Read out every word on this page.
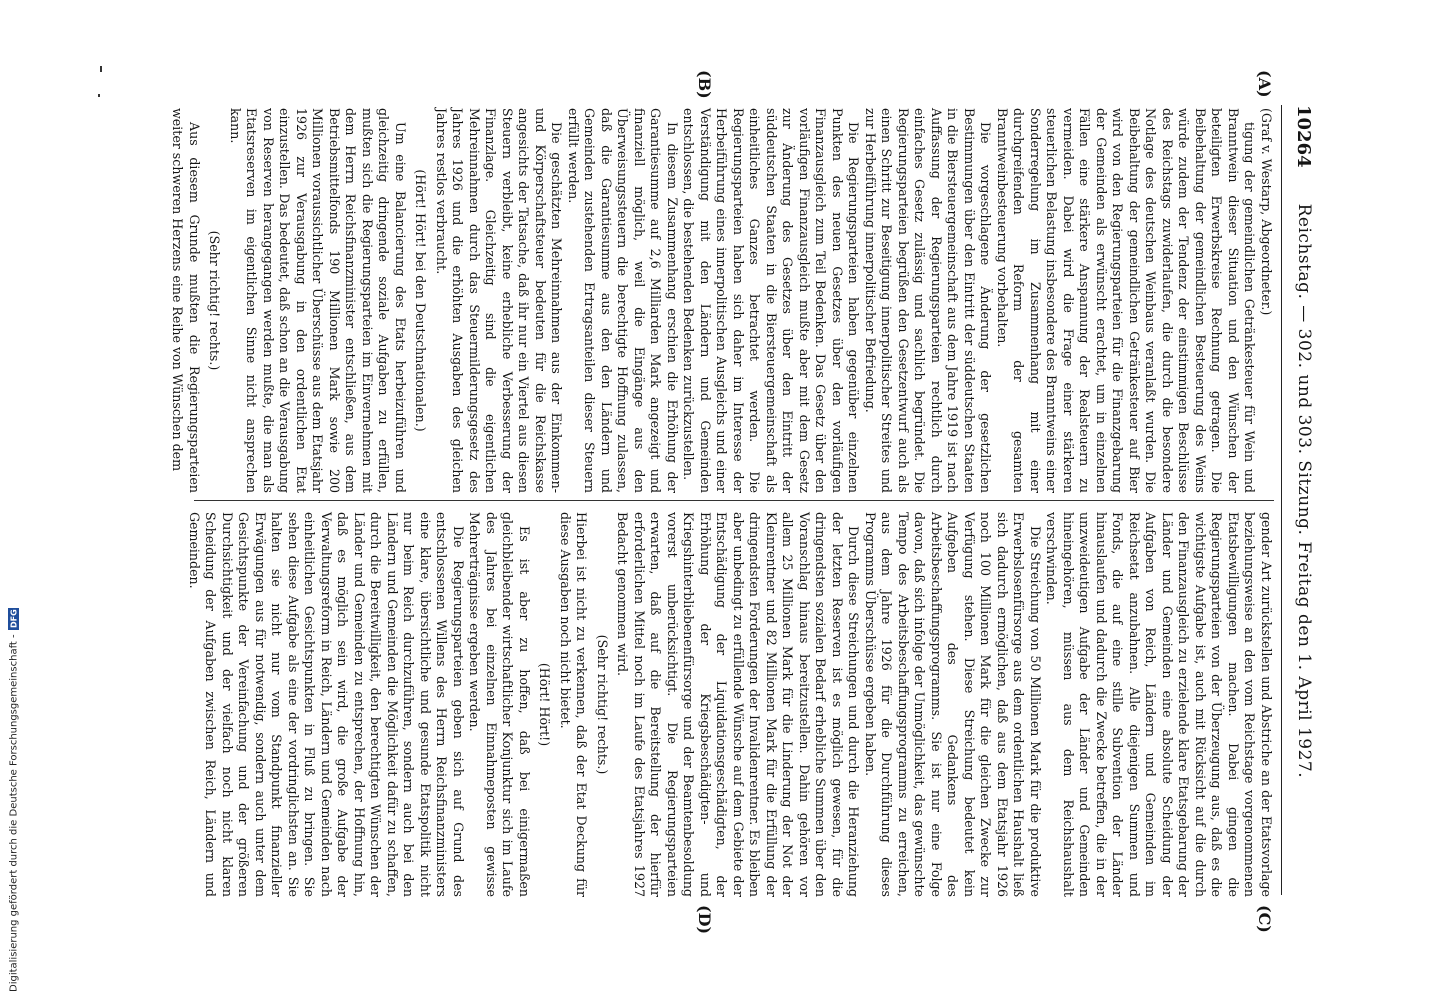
Digitalisierung gefördert durch die Deutsche Forschungsgemeinschaft -
DFG
10264
Reichstag. — 302. und 303. Sitzung. Freitag den 1. April 1927.
(A)
(B)
(C)
(D)

(Graf v. Westarp, Abgeordneter.)

tigung der gemeindlichen Getränkesteuer für Wein und Branntwein dieser Situation und den Wünschen der beteiligten Erwerbskreise Rechnung getragen. Die Beibehaltung der gemeindlichen Besteuerung des Weins würde zudem der Tendenz der einstimmigen Beschlüsse des Reichstags zuwiderlaufen, die durch die besondere Notlage des deutschen Weinbaus veranlaßt wurden. Die Beibehaltung der gemeindlichen Getränkesteuer auf Bier wird von den Regierungsparteien für die Finanzgebarung der Gemeinden als erwünscht erachtet, um in einzelnen Fällen eine stärkere Anspannung der Realsteuern zu vermeiden. Dabei wird die Frage einer stärkeren steuerlichen Belastung insbesondere des Branntweins einer Sonderregelung im Zusammenhang mit einer durchgreifenden Reform der gesamten Branntweinbesteuerung vorbehalten.

Die vorgeschlagene Änderung der gesetzlichen Bestimmungen über den Eintritt der süddeutschen Staaten in die Biersteuergemeinschaft aus dem Jahre 1919 ist nach Auffassung der Regierungsparteien rechtlich durch einfaches Gesetz zulässig und sachlich begründet. Die Regierungsparteien begrüßen den Gesetzentwurf auch als einen Schritt zur Beseitigung innerpolitischer Streites und zur Herbeiführung innerpolitischer Befriedung.

Die Regierungsparteien haben gegenüber einzelnen Punkten des neuen Gesetzes über den vorläufigen Finanzausgleich zum Teil Bedenken. Das Gesetz über den vorläufigen Finanzausgleich mußte aber mit dem Gesetz zur Änderung des Gesetzes über den Eintritt der süddeutschen Staaten in die Biersteuergemeinschaft als einheitliches Ganzes betrachtet werden. Die Regierungsparteien haben sich daher im Interesse der Herbeiführung eines innerpolitischen Ausgleichs und einer Verständigung mit den Ländern und Gemeinden entschlossen, die bestehenden Bedenken zurückzustellen.

In diesem Zusammenhang erschien die Erhöhung der Garantiesumme auf 2,6 Milliarden Mark angezeigt und finanziell möglich, weil die Eingänge aus den Überweisungssteuern die berechtigte Hoffnung zulassen, daß die Garantiesumme aus den den Ländern und Gemeinden zustehenden Ertragsanteilen dieser Steuern erfüllt werden.

Die geschätzten Mehreinnahmen aus der Einkommen- und Körperschaftsteuer bedeuten für die Reichskasse angesichts der Tatsache, daß ihr nur ein Viertel aus diesen Steuern verbleibt, keine erhebliche Verbesserung der Finanzlage. Gleichzeitig sind die eigentlichen Mehreinnahmen durch das Steuermilderungsgesetz des Jahres 1926 und die erhöhten Ausgaben des gleichen Jahres restlos verbraucht.

(Hört! Hört! bei den Deutschnationalen.)

Um eine Balancierung des Etats herbeizuführen und gleichzeitig dringende soziale Aufgaben zu erfüllen, mußten sich die Regierungsparteien im Einvernehmen mit dem Herrn Reichsfinanzminister entschließen, aus dem Betriebsmittelfonds 190 Millionen Mark sowie 200 Millionen voraussichtlicher Überschüsse aus dem Etatsjahr 1926 zur Verausgabung in den ordentlichen Etat einzustellen. Das bedeutet, daß schon an die Verausgabung von Reserven herangegangen werden mußte, die man als Etatsreserven im eigentlichen Sinne nicht ansprechen kann.

(Sehr richtig! rechts.)

Aus diesem Grunde mußten die Regierungsparteien weiter schweren Herzens eine Reihe von Wünschen dem

gender Art zurückstellen und Abstriche an der Etatsvorlage beziehungsweise an den vom Reichstage vorgenommenen Etatsbewilligungen machen. Dabei gingen die Regierungsparteien von der Überzeugung aus, daß es die wichtigste Aufgabe ist, auch mit Rücksicht auf die durch den Finanzausgleich zu erzielende klare Etatsgebarung der Länder und Gemeinden eine absolute Scheidung der Aufgaben von Reich, Ländern und Gemeinden im Reichsetat anzubahnen. Alle diejenigen Summen und Fonds, die auf eine stille Subvention der Länder hinauslaufen und dadurch die Zwecke betreffen, die in der unzweideutigen Aufgabe der Länder und Gemeinden hineingehören, müssen aus dem Reichshaushalt verschwinden.

Die Streichung von 50 Millionen Mark für die produktive Erwerbslosenfürsorge aus dem ordentlichen Haushalt ließ sich dadurch ermöglichen, daß aus dem Etatsjahr 1926 noch 100 Millionen Mark für die gleichen Zwecke zur Verfügung stehen. Diese Streichung bedeutet kein Aufgeben des Gedankens des Arbeitsbeschaffungsprogramms. Sie ist nur eine Folge davon, daß sich infolge der Unmöglichkeit, das gewünschte Tempo des Arbeitsbeschaffungsprogramms zu erreichen, aus dem Jahre 1926 für die Durchführung dieses Programms Überschüsse ergeben haben.

Durch diese Streichungen und durch die Heranziehung der letzten Reserven ist es möglich gewesen, für die dringendsten sozialen Bedarf erhebliche Summen über den Voranschlag hinaus bereitzustellen. Dahin gehören vor allem 25 Millionen Mark für die Linderung der Not der Kleinrentner und 82 Millionen Mark für die Erfüllung der dringendsten Forderungen der Invalidenrentner. Es bleiben aber unbedingt zu erfüllende Wünsche auf dem Gebiete der Entschädigung der Liquidationsgeschädigten, der Erhöhung der Kriegsbeschädigten- und Kriegshinterbliebenenfürsorge und der Beamtenbesoldung vorerst unberücksichtigt. Die Regierungsparteien erwarten, daß auf die Bereitstellung der hierfür erforderlichen Mittel noch im Laufe des Etatsjahres 1927 Bedacht genommen wird.

(Sehr richtig! rechts.)

Hierbei ist nicht zu verkennen, daß der Etat Deckung für diese Ausgaben noch nicht bietet.

(Hört! Hört!)

Es ist aber zu hoffen, daß bei einigermaßen gleichbleibender wirtschaftlicher Konjunktur sich im Laufe des Jahres bei einzelnen Einnahmeposten gewisse Mehrerträgnisse ergeben werden.

Die Regierungsparteien geben sich auf Grund des entschlossenen Willens des Herrn Reichsfinanzministers eine klare, übersichtliche und gesunde Etatspolitik nicht nur beim Reich durchzuführen, sondern auch bei den Ländern und Gemeinden die Möglichkeit dafür zu schaffen, durch die Bereitwilligkeit, den berechtigten Wünschen der Länder und Gemeinden zu entsprechen, der Hoffnung hin, daß es möglich sein wird, die große Aufgabe der Verwaltungsreform in Reich, Ländern und Gemeinden nach einheitlichen Gesichtspunkten in Fluß zu bringen. Sie sehen diese Aufgabe als eine der vordringlichsten an. Sie halten sie nicht nur vom Standpunkt finanzieller Erwägungen aus für notwendig, sondern auch unter dem Gesichtspunkte der Vereinfachung und der größeren Durchsichtigkeit und der vielfach noch nicht klaren Scheidung der Aufgaben zwischen Reich, Ländern und Gemeinden.
